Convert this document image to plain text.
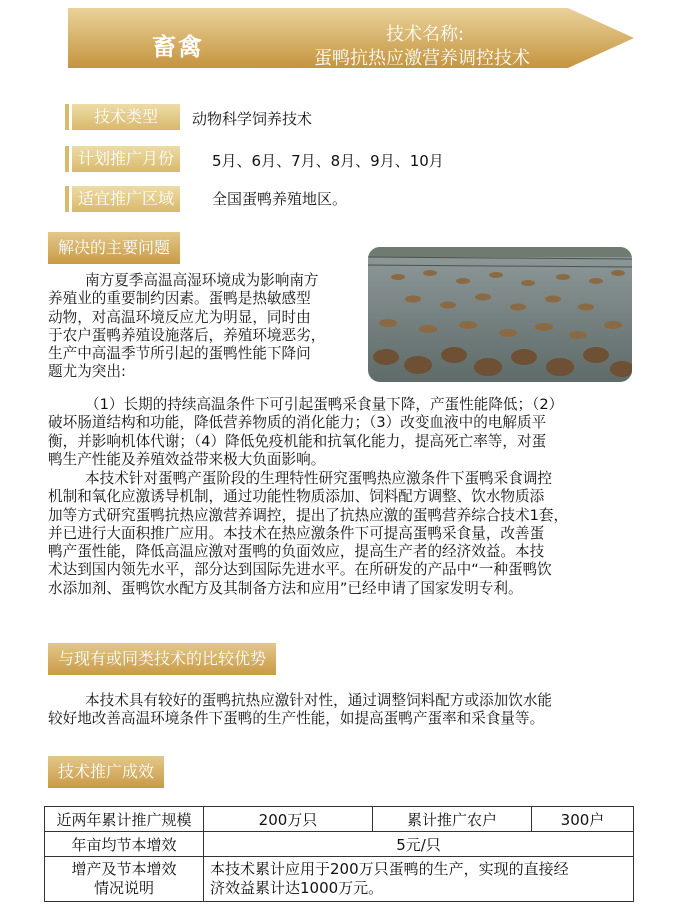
畜禽	技术名称:
蛋鸭抗热应激营养调控技术
技术类型	动物科学饲养技术
计划推广月份	5月、6月、7月、8月、9月、10月
适宜推广区域	全国蛋鸭养殖地区。
解决的主要问题

南方夏季高温高湿环境成为影响南方
养殖业的重要制约因素。蛋鸭是热敏感型
动物，对高温环境反应尤为明显，同时由
于农户蛋鸭养殖设施落后，养殖环境恶劣，
生产中高温季节所引起的蛋鸭性能下降问
题尤为突出:

（1）长期的持续高温条件下可引起蛋鸭采食量下降，产蛋性能降低；（2）
破坏肠道结构和功能，降低营养物质的消化能力；（3）改变血液中的电解质平
衡，并影响机体代谢；（4）降低免疫机能和抗氧化能力，提高死亡率等，对蛋
鸭生产性能及养殖效益带来极大负面影响。

本技术针对蛋鸭产蛋阶段的生理特性研究蛋鸭热应激条件下蛋鸭采食调控
机制和氧化应激诱导机制，通过功能性物质添加、饲料配方调整、饮水物质添
加等方式研究蛋鸭抗热应激营养调控，提出了抗热应激的蛋鸭营养综合技术1套，
并已进行大面积推广应用。本技术在热应激条件下可提高蛋鸭采食量，改善蛋
鸭产蛋性能，降低高温应激对蛋鸭的负面效应，提高生产者的经济效益。本技
术达到国内领先水平，部分达到国际先进水平。在所研发的产品中“一种蛋鸭饮
水添加剂、蛋鸭饮水配方及其制备方法和应用”已经申请了国家发明专利。

与现有或同类技术的比较优势

本技术具有较好的蛋鸭抗热应激针对性，通过调整饲料配方或添加饮水能
较好地改善高温环境条件下蛋鸭的生产性能，如提高蛋鸭产蛋率和采食量等。

技术推广成效
近两年累计推广规模	200万只	累计推广农户	300户
年亩均节本增效	5元/只		

增产及节本增效
情况说明	本技术累计应用于200万只蛋鸭的生产，实现的直接经
济效益累计达1000万元。		
